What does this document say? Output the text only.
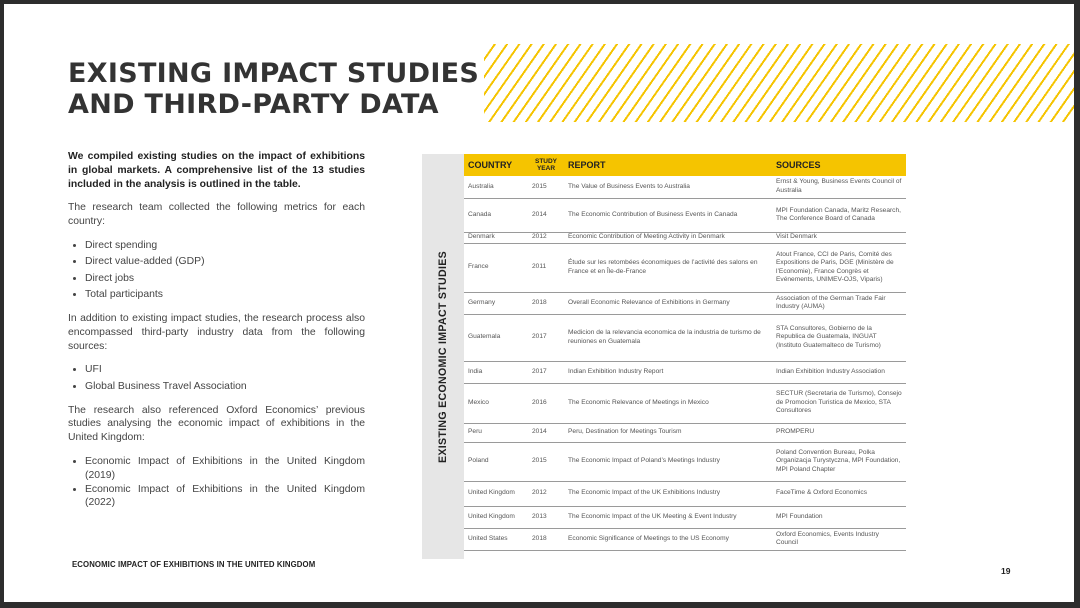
EXISTING IMPACT STUDIES
AND THIRD-PARTY DATA

We compiled existing studies on the impact of exhibitions in global markets. A comprehensive list of the 13 studies included in the analysis is outlined in the table.

The research team collected the following metrics for each country:

• Direct spending
• Direct value-added (GDP)
• Direct jobs
• Total participants

In addition to existing impact studies, the research process also encompassed third-party industry data from the following sources:

• UFI
• Global Business Travel Association

The research also referenced Oxford Economics’ previous studies analysing the economic impact of exhibitions in the United Kingdom:

• Economic Impact of Exhibitions in the United Kingdom (2019)
• Economic Impact of Exhibitions in the United Kingdom (2022)
EXISTING ECONOMIC IMPACT STUDIES
COUNTRY	STUDY YEAR	REPORT	SOURCES
Australia	2015	The Value of Business Events to Australia	Ernst & Young, Business Events Council of Australia
Canada	2014	The Economic Contribution of Business Events in Canada	MPI Foundation Canada, Maritz Research, The Conference Board of Canada
Denmark	2012	Economic Contribution of Meeting Activity in Denmark	Visit Denmark
France	2011	Étude sur les retombées économiques de l’activité des salons en France et en Île-de-France	Atout France, CCI de Paris, Comité des Expositions de Paris, DGE (Ministère de l’Economie), France Congrès et Evénements, UNIMEV-OJS, Viparis)
Germany	2018	Overall Economic Relevance of Exhibitions in Germany	Association of the German Trade Fair Industry (AUMA)
Guatemala	2017	Medicion de la relevancia economica de la industria de turismo de reuniones en Guatemala	STA Consultores, Gobierno de la Republica de Guatemala, INGUAT (Instituto Guatemalteco de Turismo)
India	2017	Indian Exhibition Industry Report	Indian Exhibition Industry Association
Mexico	2016	The Economic Relevance of Meetings in Mexico	SECTUR (Secretaria de Turismo), Consejo de Promocion Turistica de Mexico, STA Consultores
Peru	2014	Peru, Destination for Meetings Tourism	PROMPERU
Poland	2015	The Economic Impact of Poland’s Meetings Industry	Poland Convention Bureau, Polka Organizacja Turystyczna, MPI Foundation, MPI Poland Chapter
United Kingdom	2012	The Economic Impact of the UK Exhibitions Industry	FaceTime & Oxford Economics
United Kingdom	2013	The Economic Impact of the UK Meeting & Event Industry	MPI Foundation
United States	2018	Economic Significance of Meetings to the US Economy	Oxford Economics, Events Industry Council
ECONOMIC IMPACT OF EXHIBITIONS IN THE UNITED KINGDOM
19
